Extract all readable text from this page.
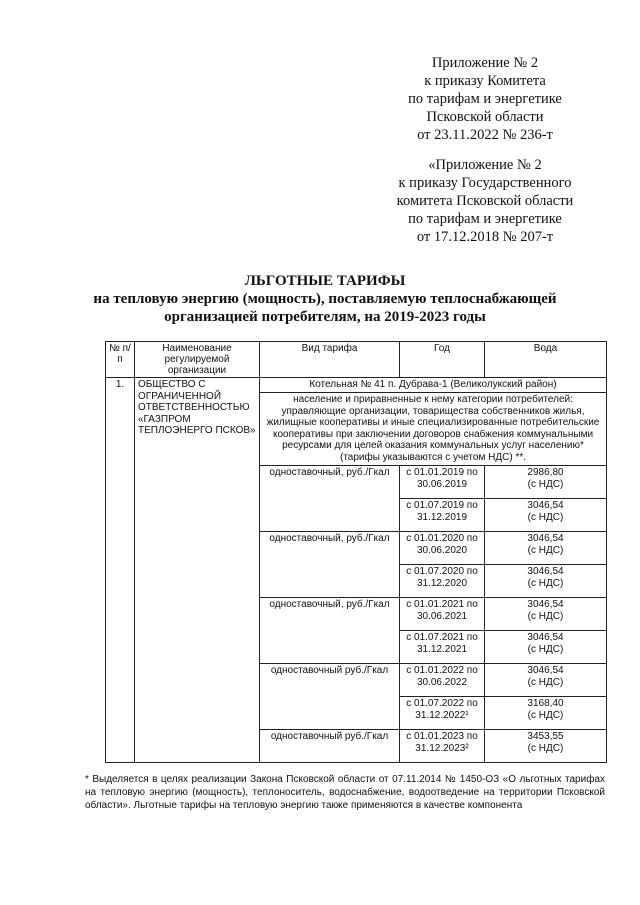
Приложение № 2
к приказу Комитета
по тарифам и энергетике
Псковской области
от 23.11.2022 № 236-т
«Приложение № 2
к приказу Государственного
комитета Псковской области
по тарифам и энергетике
от 17.12.2018 № 207-т
ЛЬГОТНЫЕ ТАРИФЫ
на тепловую энергию (мощность), поставляемую теплоснабжающей
организацией потребителям, на 2019-2023 годы
№ п/п	Наименование регулируемой организации	Вид тарифа	Год	Вода
1.	ОБЩЕСТВО С ОГРАНИЧЕННОЙ ОТВЕТСТВЕННОСТЬЮ «ГАЗПРОМ ТЕПЛОЭНЕРГО ПСКОВ»	Котельная № 41 п. Дубрава-1 (Великолукский район)		
		население и приравненные к нему категории потребителей: управляющие организации, товарищества собственников жилья, жилищные кооперативы и иные специализированные потребительские кооперативы при заключении договоров снабжения коммунальными ресурсами для целей оказания коммунальных услуг населению* (тарифы указываются с учетом НДС) **.		
		одноставочный, руб./Гкал	с 01.01.2019 по 30.06.2019	2986,80
(с НДС)
			с 01.07.2019 по 31.12.2019	3046,54
(с НДС)
		одноставочный, руб./Гкал	с 01.01.2020 по 30.06.2020	3046,54
(с НДС)
			с 01.07.2020 по 31.12.2020	3046,54
(с НДС)
		одноставочный, руб./Гкал	с 01.01.2021 по 30.06.2021	3046,54
(с НДС)
			с 01.07.2021 по 31.12.2021	3046,54
(с НДС)
		одноставочный руб./Гкал	с 01.01.2022 по 30.06.2022	3046,54
(с НДС)
			с 01.07.2022 по 31.12.2022¹	3168,40
(с НДС)
		одноставочный руб./Гкал	с 01.01.2023 по 31.12.2023²	3453,55
(с НДС)
* Выделяется в целях реализации Закона Псковской области от 07.11.2014 № 1450-ОЗ «О льготных тарифах на тепловую энергию (мощность), теплоноситель, водоснабжение, водоотведение на территории Псковской области». Льготные тарифы на тепловую энергию также применяются в качестве компонента
